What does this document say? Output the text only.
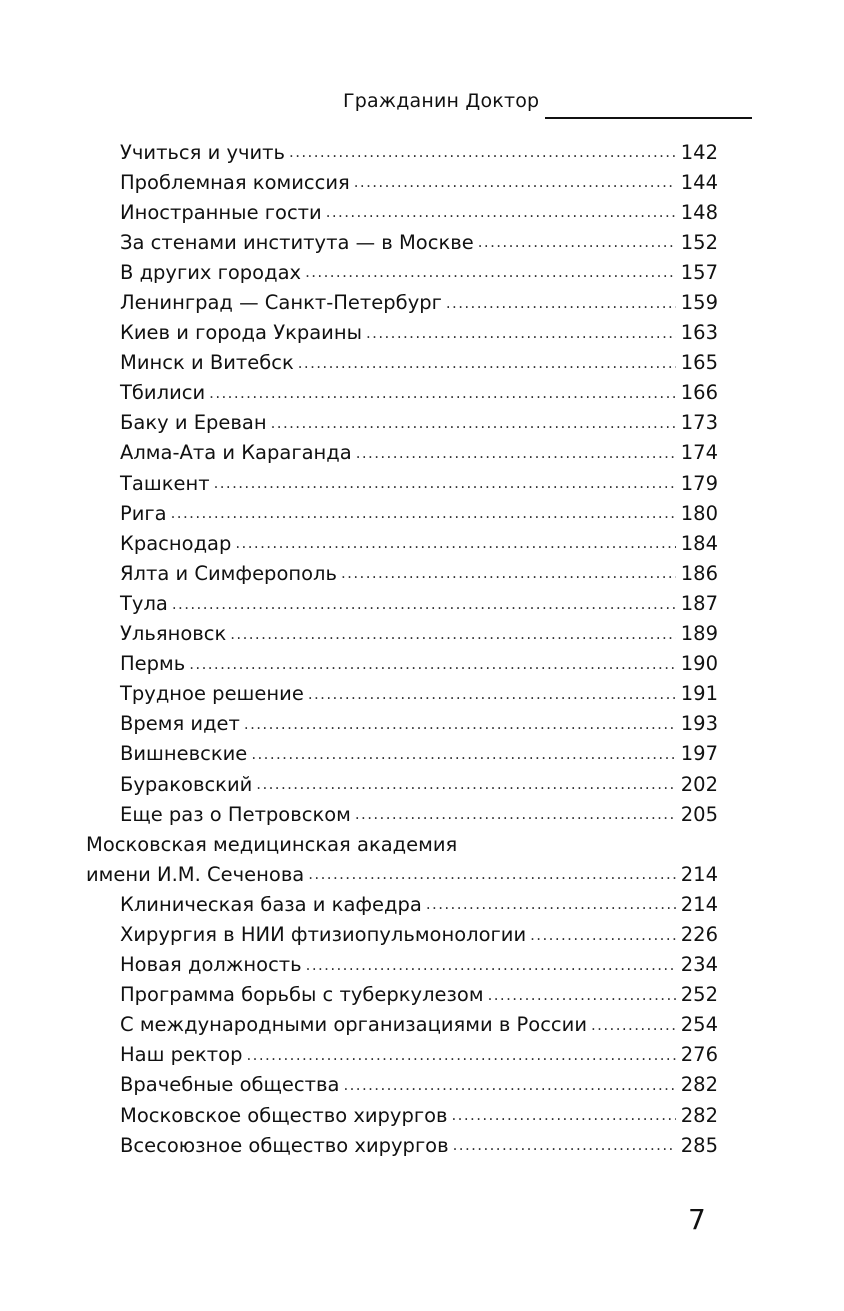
Гражданин Доктор
Учиться и учить .....	142
Проблемная комиссия .....	144
Иностранные гости .....	148
За стенами института — в Москве .....	152
В других городах .....	157
Ленинград — Санкт-Петербург .....	159
Киев и города Украины .....	163
Минск и Витебск .....	165
Тбилиси .....	166
Баку и Ереван .....	173
Алма-Ата и Караганда .....	174
Ташкент .....	179
Рига .....	180
Краснодар .....	184
Ялта и Симферополь .....	186
Тула .....	187
Ульяновск .....	189
Пермь .....	190
Трудное решение .....	191
Время идет .....	193
Вишневские .....	197
Бураковский .....	202
Еще раз о Петровском .....	205
Московская медицинская академия
имени И.М. Сеченова .....	214
Клиническая база и кафедра .....	214
Хирургия в НИИ фтизиопульмонологии .....	226
Новая должность .....	234
Программа борьбы с туберкулезом .....	252
С международными организациями в России .....	254
Наш ректор .....	276
Врачебные общества .....	282
Московское общество хирургов .....	282
Всесоюзное общество хирургов .....	285
7
